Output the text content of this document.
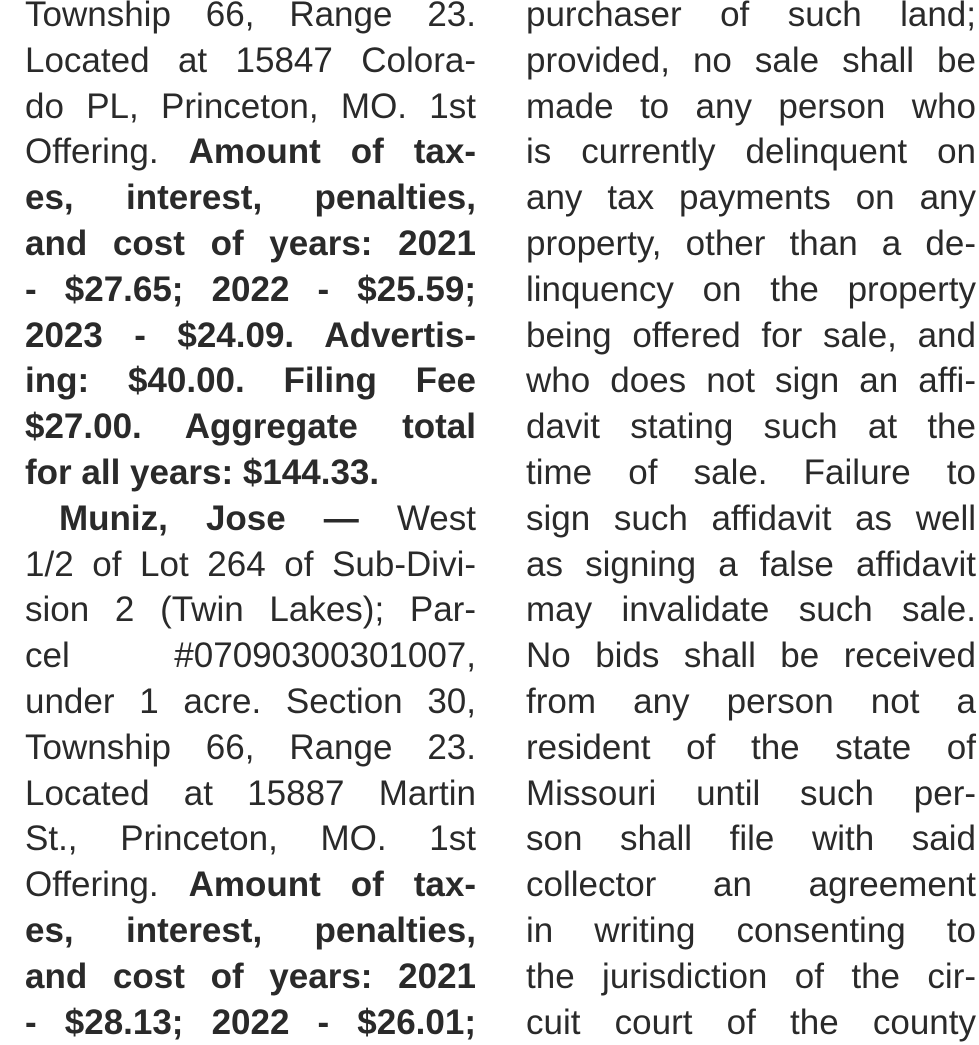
Township 66, Range 23.
Located at 15847 Colora-
do PL, Princeton, MO. 1st
Offering. Amount of tax-
es, interest, penalties,
and cost of years: 2021
- $27.65; 2022 - $25.59;
2023 - $24.09. Advertis-
ing: $40.00. Filing Fee
$27.00. Aggregate total
for all years: $144.33.
Muniz, Jose — West
1/2 of Lot 264 of Sub-Divi-
sion 2 (Twin Lakes); Par-
cel #07090300301007,
under 1 acre. Section 30,
Township 66, Range 23.
Located at 15887 Martin
St., Princeton, MO. 1st
Offering. Amount of tax-
es, interest, penalties,
and cost of years: 2021
- $28.13; 2022 - $26.01;
purchaser of such land;
provided, no sale shall be
made to any person who
is currently delinquent on
any tax payments on any
property, other than a de-
linquency on the property
being offered for sale, and
who does not sign an affi-
davit stating such at the
time of sale. Failure to
sign such affidavit as well
as signing a false affidavit
may invalidate such sale.
No bids shall be received
from any person not a
resident of the state of
Missouri until such per-
son shall file with said
collector an agreement
in writing consenting to
the jurisdiction of the cir-
cuit court of the county
